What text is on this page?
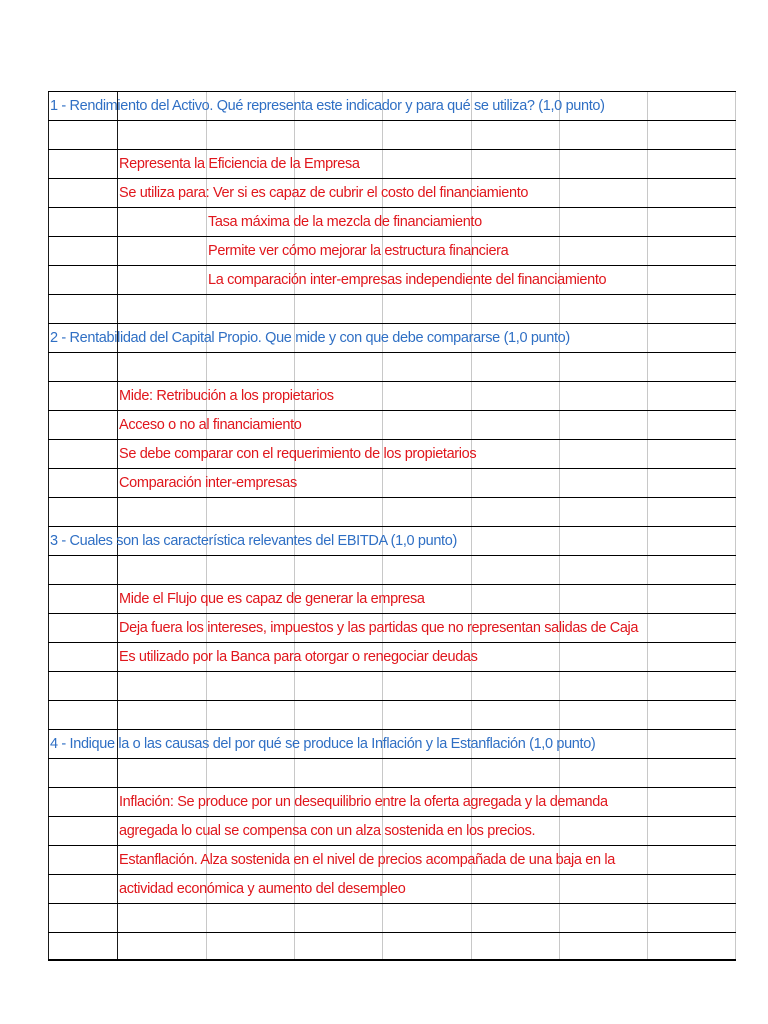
1 - Rendimiento del Activo. Qué representa este indicador y para qué se utiliza? (1,0 punto)
Representa la Eficiencia de la Empresa
Se utiliza para: Ver si es capaz de cubrir el costo del financiamiento
Tasa máxima de la mezcla de financiamiento
Permite ver cómo mejorar la estructura financiera
La comparación inter-empresas independiente del financiamiento
2 - Rentabilidad del Capital Propio. Que mide y con que debe compararse (1,0 punto)
Mide: Retribución a los propietarios
Acceso o no al financiamiento
Se debe comparar con el requerimiento de los propietarios
Comparación inter-empresas
3 - Cuales son las característica relevantes del EBITDA (1,0 punto)
Mide el Flujo que es capaz de generar la empresa
Deja fuera los intereses, impuestos y las partidas que no representan salidas de Caja
Es utilizado por la Banca para otorgar o renegociar deudas
4 - Indique la o las causas del por qué se produce la Inflación y la Estanflación (1,0 punto)
Inflación: Se produce por un desequilibrio entre la oferta agregada y la demanda
agregada lo cual se compensa con un alza sostenida en los precios.
Estanflación. Alza sostenida en el nivel de precios acompañada de una baja en la
actividad económica y aumento del desempleo
